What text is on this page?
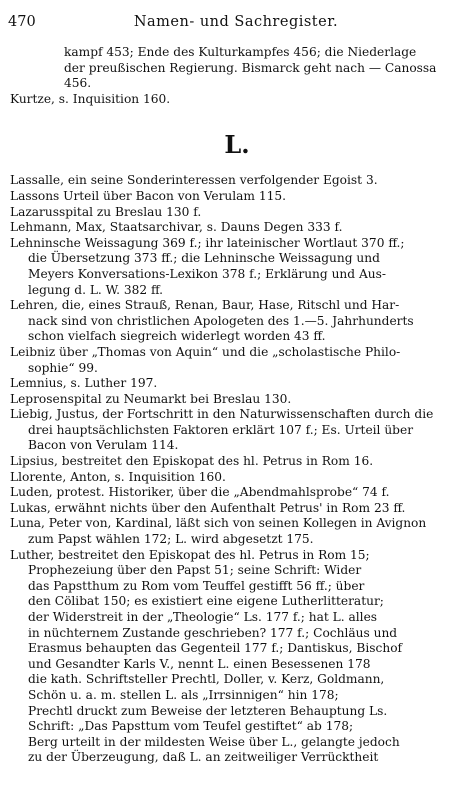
470	Namen- und Sachregister.
kampf 453; Ende des Kulturkampfes 456; die Niederlage
der preußischen Regierung. Bismarck geht nach — Canossa
456.
Kurtze, s. Inquisition 160.
L.
Lassalle, ein seine Sonderinteressen verfolgender Egoist 3.
Lassons Urteil über Bacon von Verulam 115.
Lazarusspital zu Breslau 130 f.
Lehmann, Max, Staatsarchivar, s. Dauns Degen 333 f.
Lehninsche Weissagung 369 f.; ihr lateinischer Wortlaut 370 ff.;
die Übersetzung 373 ff.; die Lehninsche Weissagung und
Meyers Konversations-Lexikon 378 f.; Erklärung und Aus-
legung d. L. W. 382 ff.
Lehren, die, eines Strauß, Renan, Baur, Hase, Ritschl und Har-
nack sind von christlichen Apologeten des 1.—5. Jahrhunderts
schon vielfach siegreich widerlegt worden 43 ff.
Leibniz über „Thomas von Aquin“ und die „scholastische Philo-
sophie“ 99.
Lemnius, s. Luther 197.
Leprosenspital zu Neumarkt bei Breslau 130.
Liebig, Justus, der Fortschritt in den Naturwissenschaften durch die
drei hauptsächlichsten Faktoren erklärt 107 f.; Es. Urteil über
Bacon von Verulam 114.
Lipsius, bestreitet den Episkopat des hl. Petrus in Rom 16.
Llorente, Anton, s. Inquisition 160.
Luden, protest. Historiker, über die „Abendmahlsprobe“ 74 f.
Lukas, erwähnt nichts über den Aufenthalt Petrus' in Rom 23 ff.
Luna, Peter von, Kardinal, läßt sich von seinen Kollegen in Avignon
zum Papst wählen 172; L. wird abgesetzt 175.
Luther, bestreitet den Episkopat des hl. Petrus in Rom 15;
Prophezeiung über den Papst 51; seine Schrift: Wider
das Papstthum zu Rom vom Teuffel gestifft 56 ff.; über
den Cölibat 150; es existiert eine eigene Lutherlitteratur;
der Widerstreit in der „Theologie“ Ls. 177 f.; hat L. alles
in nüchternem Zustande geschrieben? 177 f.; Cochläus und
Erasmus behaupten das Gegenteil 177 f.; Dantiskus, Bischof
und Gesandter Karls V., nennt L. einen Besessenen 178
die kath. Schriftsteller Prechtl, Doller, v. Kerz, Goldmann,
Schön u. a. m. stellen L. als „Irrsinnigen“ hin 178;
Prechtl druckt zum Beweise der letzteren Behauptung Ls.
Schrift: „Das Papsttum vom Teufel gestiftet“ ab 178;
Berg urteilt in der mildesten Weise über L., gelangte jedoch
zu der Überzeugung, daß L. an zeitweiliger Verrücktheit
